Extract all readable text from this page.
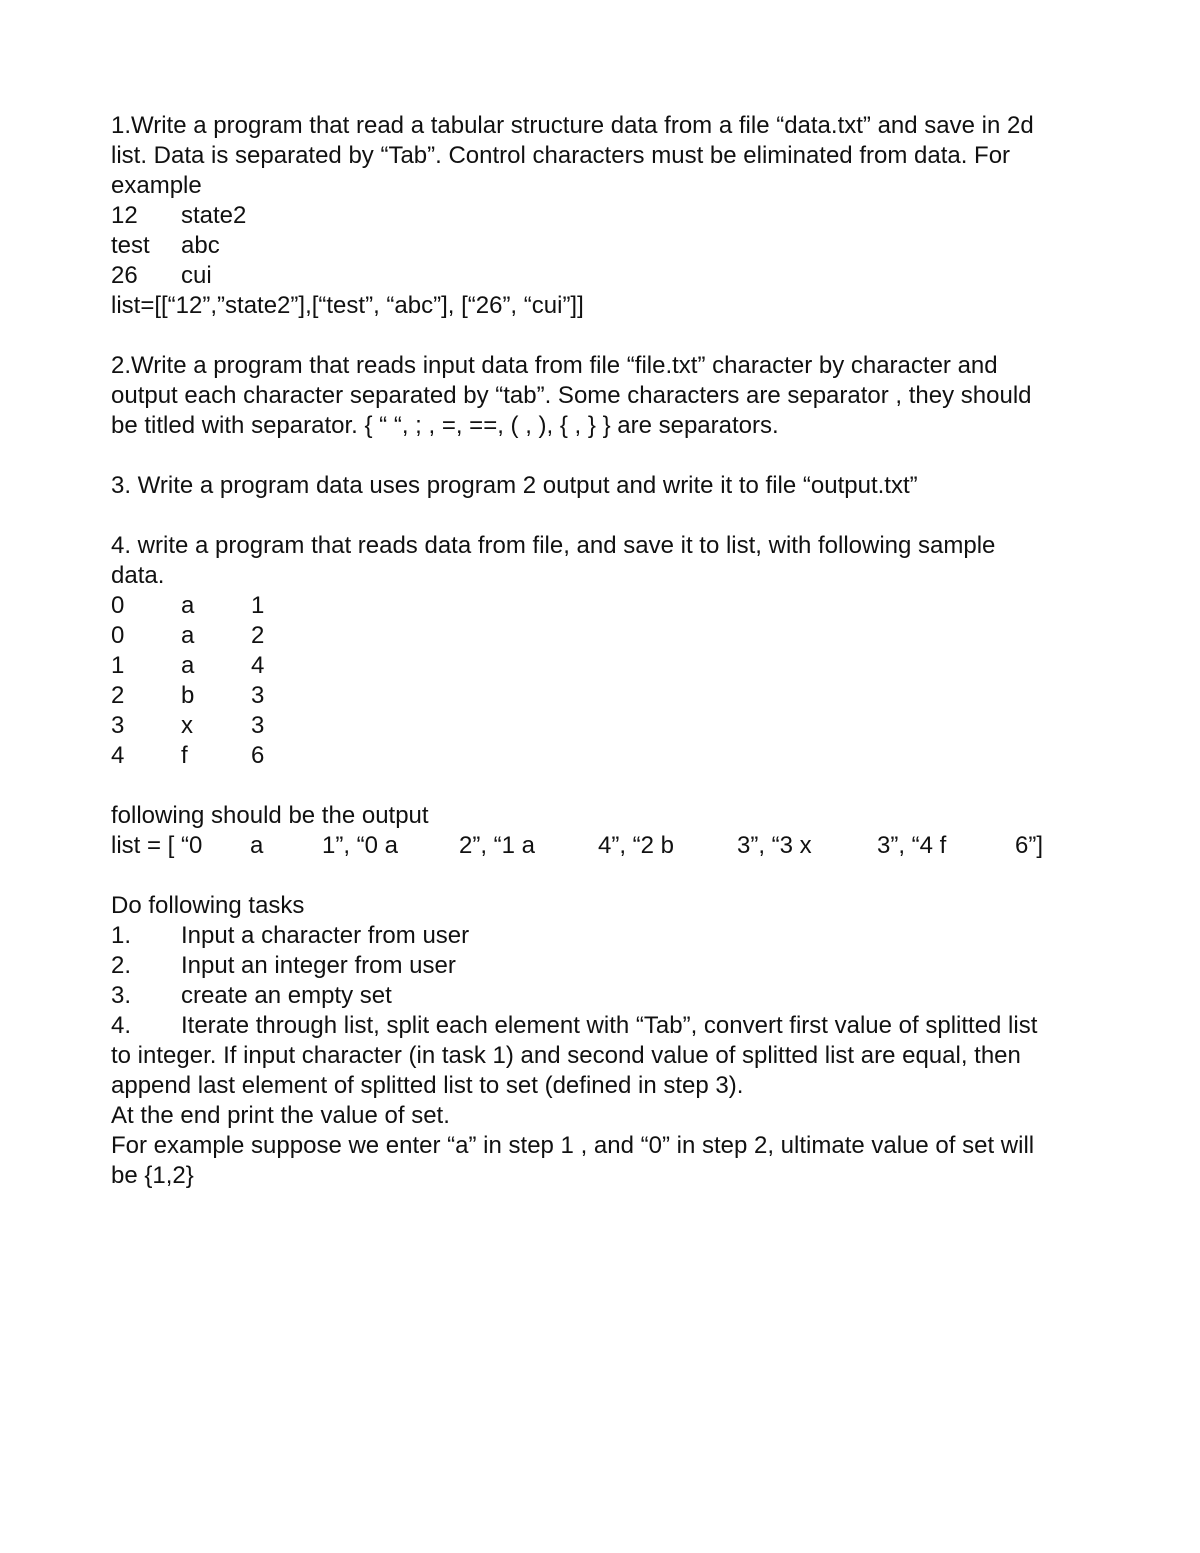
1.Write a program that read a tabular structure data from a file “data.txt” and save in 2d
list. Data is separated by “Tab”. Control characters must be eliminated from data. For
example
12	state2
test	abc
26	cui
list=[[“12”,”state2”],[“test”, “abc”], [“26”, “cui”]]
2.Write a program that reads input data from file “file.txt” character by character and
output each character separated by “tab”. Some characters are separator , they should
be titled with separator. { “ “, ; , =, ==, ( , ), { , } } are separators.
3. Write a program data uses program 2 output and write it to file “output.txt”
4. write a program that reads data from file, and save it to list, with following sample
data.
0	a	1
0	a	2
1	a	4
2	b	3
3	x	3
4	f	6
following should be the output
list = [ “0 a 1”, “0 a	2”, “1 a	4”, “2 b	3”, “3 x	3”, “4 f	6”]
Do following tasks
1. Input a character from user
2. Input an integer from user
3. create an empty set
4. Iterate through list, split each element with “Tab”, convert first value of splitted list
to integer. If input character (in task 1) and second value of splitted list are equal, then
append last element of splitted list to set (defined in step 3).
At the end print the value of set.
For example suppose we enter “a” in step 1 , and “0” in step 2, ultimate value of set will
be {1,2}
